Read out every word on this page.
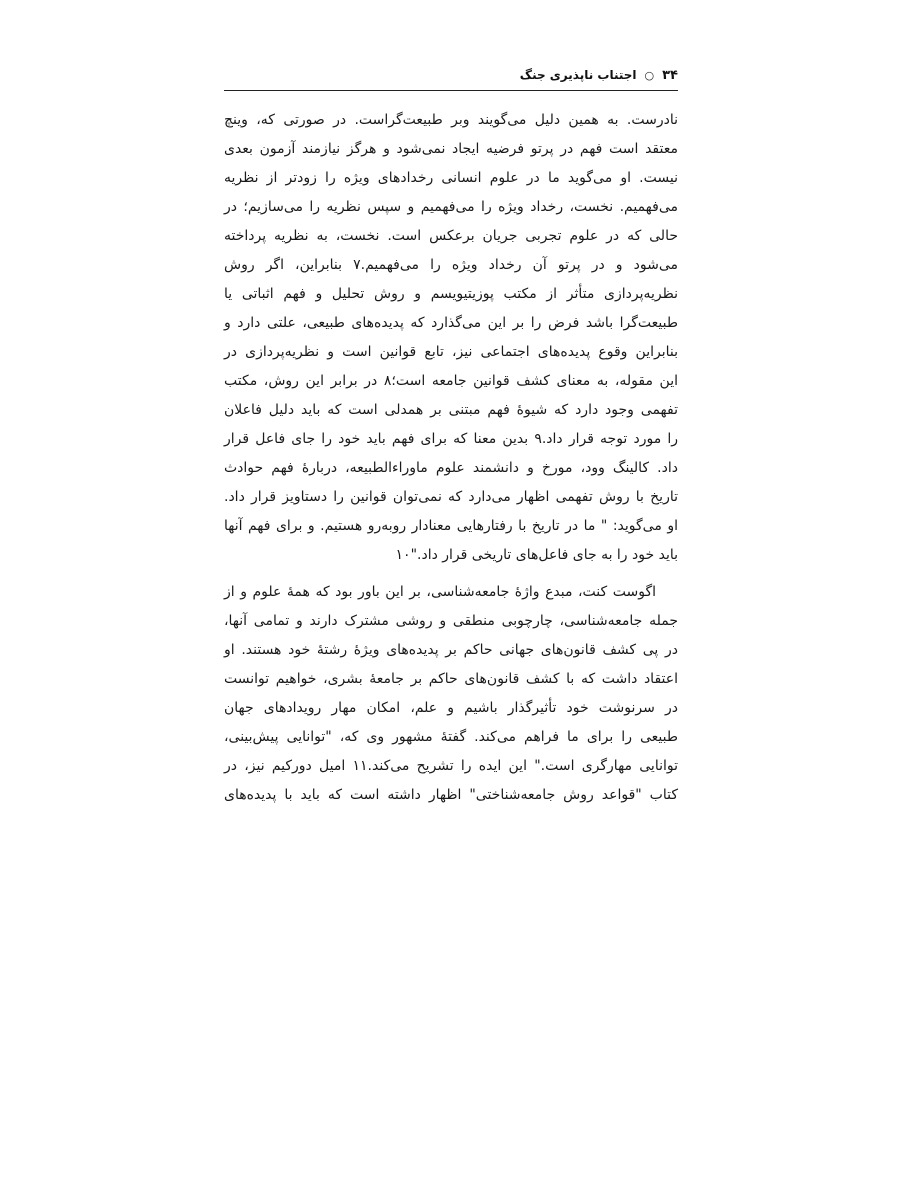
۳۴
○
اجتناب ناپذیری جنگ
نادرست. به همین دلیل می‌گویند وبر طبیعت‌گراست. در صورتی که، وینچ
معتقد است فهم در پرتو فرضیه ایجاد نمی‌شود و هرگز نیازمند آزمون بعدی
نیست. او می‌گوید ما در علوم انسانی رخدادهای ویژه را زودتر از نظریه
می‌فهمیم. نخست، رخداد ویژه را می‌فهمیم و سپس نظریه را می‌سازیم؛ در
حالی که در علوم تجربی جریان برعکس است. نخست، به نظریه پرداخته
می‌شود و در پرتو آن رخداد ویژه را می‌فهمیم.۷ بنابراین، اگر روش
نظریه‌پردازی متأثر از مکتب پوزیتیویسم و روش تحلیل و فهم اثباتی یا
طبیعت‌گرا باشد فرض را بر این می‌گذارد که پدیده‌های طبیعی، علتی دارد و
بنابراین وقوع پدیده‌های اجتماعی نیز، تابع قوانین است و نظریه‌پردازی در
این مقوله، به معنای کشف قوانین جامعه است؛۸ در برابر این روش، مکتب
تفهمی وجود دارد که شیوهٔ فهم مبتنی بر همدلی است که باید دلیل فاعلان
را مورد توجه قرار داد.۹ بدین معنا که برای فهم باید خود را جای فاعل قرار
داد. کالینگ وود، مورخ و دانشمند علوم ماوراءالطبیعه، دربارهٔ فهم حوادث
تاریخ با روش تفهمی اظهار می‌دارد که نمی‌توان قوانین را دستاویز قرار داد.
او می‌گوید: " ما در تاریخ با رفتارهایی معنادار روبه‌رو هستیم. و برای فهم آنها
باید خود را به جای فاعل‌های تاریخی قرار داد."۱۰
اگوست کنت، مبدع واژهٔ جامعه‌شناسی، بر این باور بود که همهٔ علوم و از
جمله جامعه‌شناسی، چارچوبی منطقی و روشی مشترک دارند و تمامی آنها،
در پی کشف قانون‌های جهانی حاکم بر پدیده‌های ویژهٔ رشتهٔ خود هستند. او
اعتقاد داشت که با کشف قانون‌های حاکم بر جامعهٔ بشری، خواهیم توانست
در سرنوشت خود تأثیرگذار باشیم و علم، امکان مهار رویدادهای جهان
طبیعی را برای ما فراهم می‌کند. گفتهٔ مشهور وی که، "توانایی پیش‌بینی،
توانایی مهارگری است." این ایده را تشریح می‌کند.۱۱ امیل دورکیم نیز، در
کتاب "قواعد روش جامعه‌شناختی" اظهار داشته است که باید با پدیده‌های
